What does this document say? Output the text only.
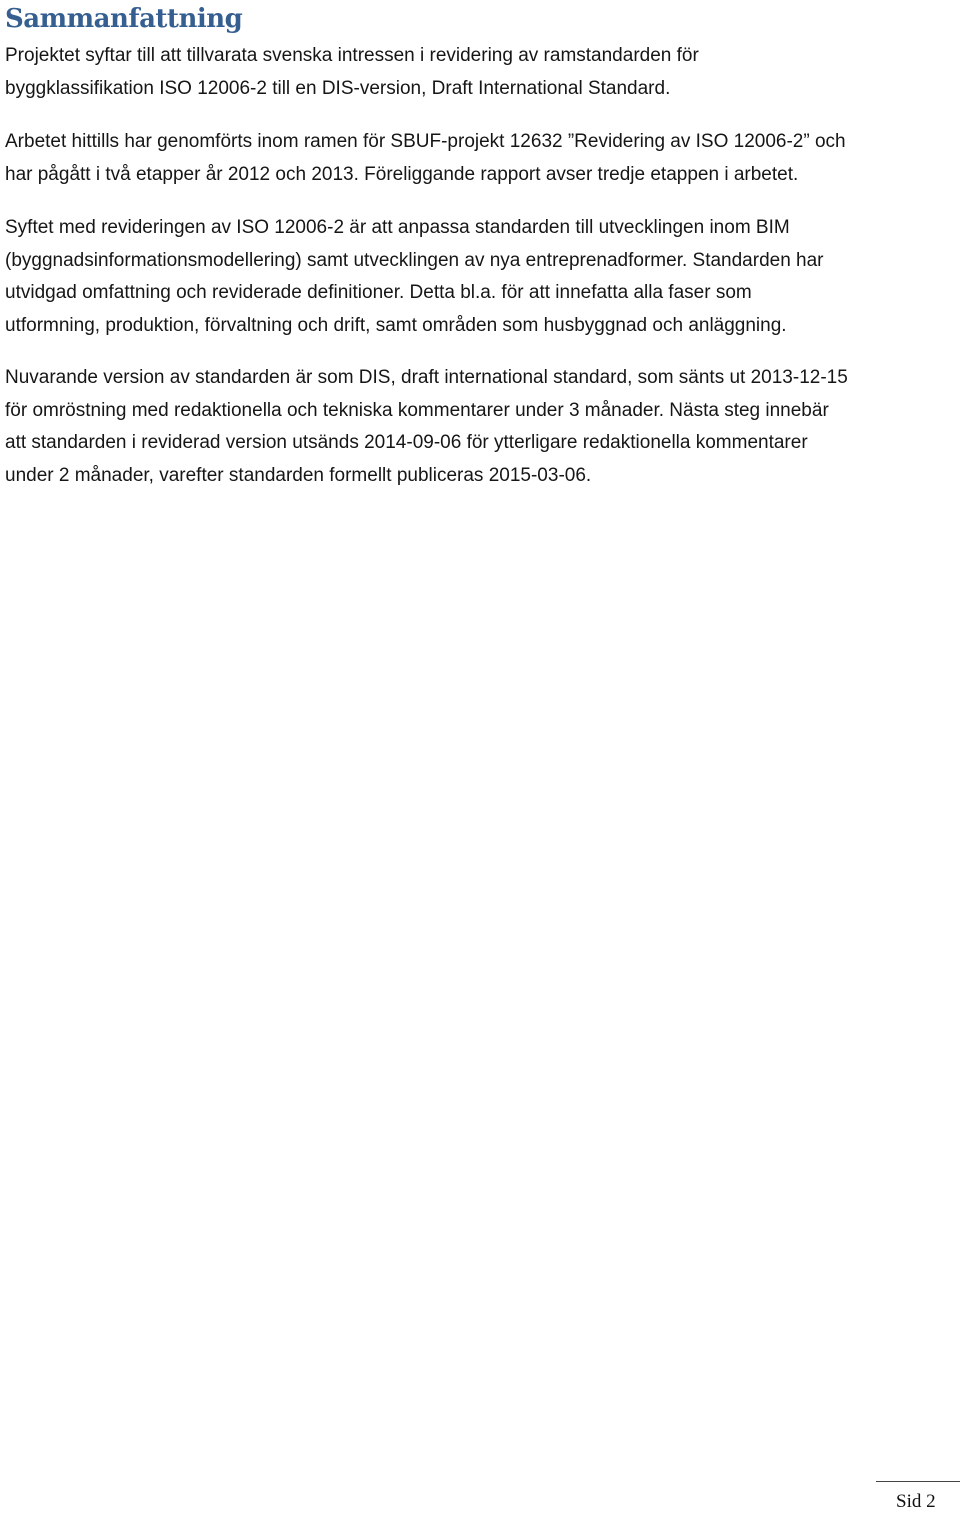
Sammanfattning

Projektet syftar till att tillvarata svenska intressen i revidering av ramstandarden för
byggklassifikation ISO 12006-2 till en DIS-version, Draft International Standard.

Arbetet hittills har genomförts inom ramen för SBUF-projekt 12632 ”Revidering av ISO 12006-2” och
har pågått i två etapper år 2012 och 2013. Föreliggande rapport avser tredje etappen i arbetet.

Syftet med revideringen av ISO 12006-2 är att anpassa standarden till utvecklingen inom BIM
(byggnadsinformationsmodellering) samt utvecklingen av nya entreprenadformer. Standarden har
utvidgad omfattning och reviderade definitioner. Detta bl.a. för att innefatta alla faser som
utformning, produktion, förvaltning och drift, samt områden som husbyggnad och anläggning.

Nuvarande version av standarden är som DIS, draft international standard, som sänts ut 2013-12-15
för omröstning med redaktionella och tekniska kommentarer under 3 månader. Nästa steg innebär
att standarden i reviderad version utsänds 2014-09-06 för ytterligare redaktionella kommentarer
under 2 månader, varefter standarden formellt publiceras 2015-03-06.

Sid 2
